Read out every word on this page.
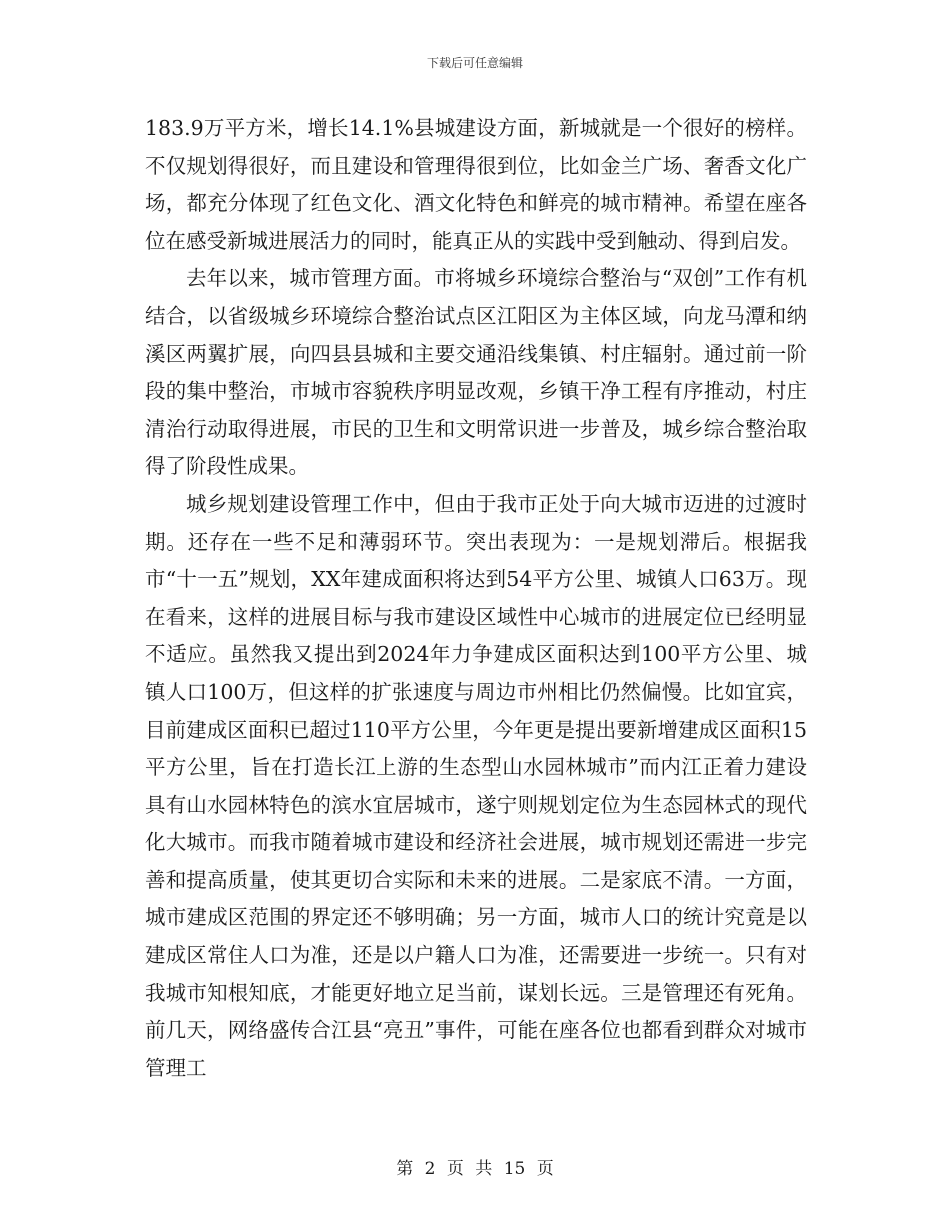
下载后可任意编辑

183.9万平方米，增长14.1%县城建设方面，新城就是一个很好的榜样。不仅规划得很好，而且建设和管理得很到位，比如金兰广场、奢香文化广场，都充分体现了红色文化、酒文化特色和鲜亮的城市精神。希望在座各位在感受新城进展活力的同时，能真正从的实践中受到触动、得到启发。

去年以来，城市管理方面。市将城乡环境综合整治与“双创”工作有机结合，以省级城乡环境综合整治试点区江阳区为主体区域，向龙马潭和纳溪区两翼扩展，向四县县城和主要交通沿线集镇、村庄辐射。通过前一阶段的集中整治，市城市容貌秩序明显改观，乡镇干净工程有序推动，村庄清治行动取得进展，市民的卫生和文明常识进一步普及，城乡综合整治取得了阶段性成果。

城乡规划建设管理工作中，但由于我市正处于向大城市迈进的过渡时期。还存在一些不足和薄弱环节。突出表现为：一是规划滞后。根据我市“十一五”规划，XX年建成面积将达到54平方公里、城镇人口63万。现在看来，这样的进展目标与我市建设区域性中心城市的进展定位已经明显不适应。虽然我又提出到2024年力争建成区面积达到100平方公里、城镇人口100万，但这样的扩张速度与周边市州相比仍然偏慢。比如宜宾，目前建成区面积已超过110平方公里，今年更是提出要新增建成区面积15平方公里，旨在打造长江上游的生态型山水园林城市”而内江正着力建设具有山水园林特色的滨水宜居城市，遂宁则规划定位为生态园林式的现代化大城市。而我市随着城市建设和经济社会进展，城市规划还需进一步完善和提高质量，使其更切合实际和未来的进展。二是家底不清。一方面，城市建成区范围的界定还不够明确；另一方面，城市人口的统计究竟是以建成区常住人口为准，还是以户籍人口为准，还需要进一步统一。只有对我城市知根知底，才能更好地立足当前，谋划长远。三是管理还有死角。前几天，网络盛传合江县“亮丑”事件，可能在座各位也都看到群众对城市管理工

第 2 页 共 15 页
